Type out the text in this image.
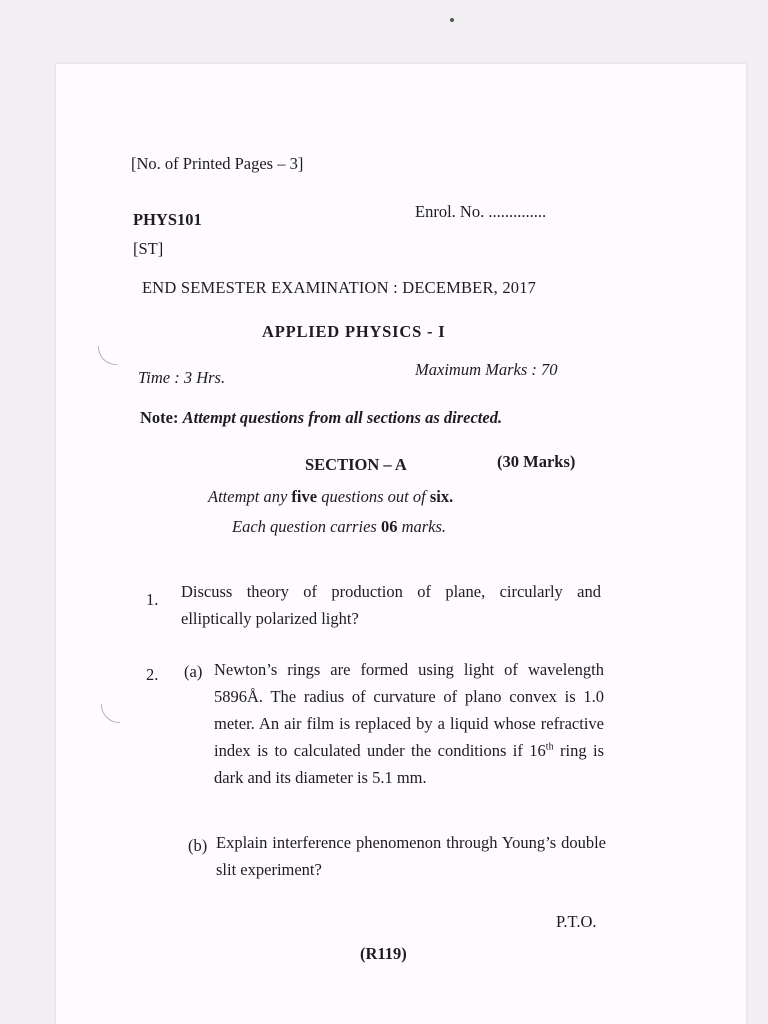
[No. of Printed Pages – 3]
PHYS101	Enrol. No. ..............
[ST]
END SEMESTER EXAMINATION : DECEMBER, 2017
APPLIED PHYSICS - I
Time : 3 Hrs.	Maximum Marks : 70
Note: Attempt questions from all sections as directed.
SECTION – A	(30 Marks)
Attempt any five questions out of six.
Each question carries 06 marks.
1. Discuss theory of production of plane, circularly and elliptically polarized light?
2. (a) Newton’s rings are formed using light of wavelength 5896Å. The radius of curvature of plano convex is 1.0 meter. An air film is replaced by a liquid whose refractive index is to calculated under the conditions if 16th ring is dark and its diameter is 5.1 mm.
(b) Explain interference phenomenon through Young’s double slit experiment?
P.T.O.
(R119)
